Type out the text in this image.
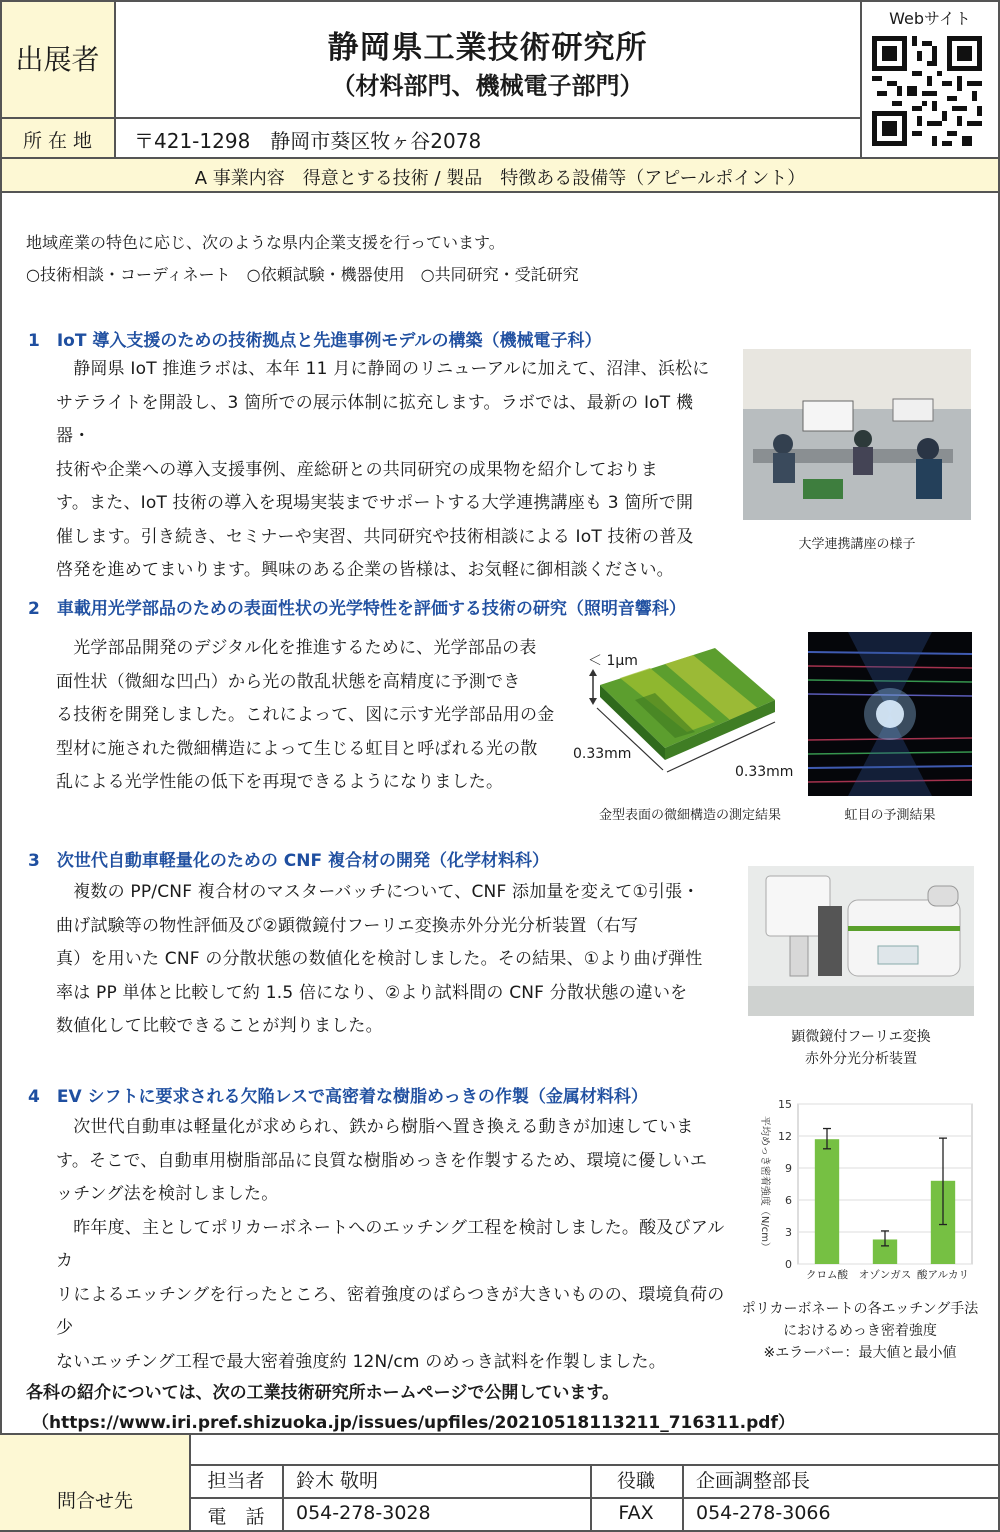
出展者	静岡県工業技術研究所
（材料部門、機械電子部門）
Webサイト
所 在 地	〒421-1298　静岡市葵区牧ヶ谷2078
A 事業内容　得意とする技術 / 製品　特徴ある設備等（アピールポイント）
地域産業の特色に応じ、次のような県内企業支援を行っています。
○技術相談・コーディネート　○依頼試験・機器使用　○共同研究・受託研究
1　IoT 導入支援のための技術拠点と先進事例モデルの構築（機械電子科）
　静岡県 IoT 推進ラボは、本年 11 月に静岡のリニューアルに加えて、沼津、浜松に
サテライトを開設し、3 箇所での展示体制に拡充します。ラボでは、最新の IoT 機器・
技術や企業への導入支援事例、産総研との共同研究の成果物を紹介しておりま
す。また、IoT 技術の導入を現場実装までサポートする大学連携講座も 3 箇所で開
催します。引き続き、セミナーや実習、共同研究や技術相談による IoT 技術の普及
啓発を進めてまいります。興味のある企業の皆様は、お気軽に御相談ください。
大学連携講座の様子
2　車載用光学部品のための表面性状の光学特性を評価する技術の研究（照明音響科）
　光学部品開発のデジタル化を推進するために、光学部品の表
面性状（微細な凹凸）から光の散乱状態を高精度に予測でき
る技術を開発しました。これによって、図に示す光学部品用の金
型材に施された微細構造によって生じる虹目と呼ばれる光の散
乱による光学性能の低下を再現できるようになりました。
＜ 1μm
0.33mm
0.33mm
金型表面の微細構造の測定結果	虹目の予測結果
3　次世代自動車軽量化のための CNF 複合材の開発（化学材料科）
　複数の PP/CNF 複合材のマスターバッチについて、CNF 添加量を変えて①引張・
曲げ試験等の物性評価及び②顕微鏡付フーリエ変換赤外分光分析装置（右写
真）を用いた CNF の分散状態の数値化を検討しました。その結果、①より曲げ弾性
率は PP 単体と比較して約 1.5 倍になり、②より試料間の CNF 分散状態の違いを
数値化して比較できることが判りました。
顕微鏡付フーリエ変換
赤外分光分析装置
4　EV シフトに要求される欠陥レスで高密着な樹脂めっきの作製（金属材料科）
　次世代自動車は軽量化が求められ、鉄から樹脂へ置き換える動きが加速していま
す。そこで、自動車用樹脂部品に良質な樹脂めっきを作製するため、環境に優しいエ
ッチング法を検討しました。
　昨年度、主としてポリカーボネートへのエッチング工程を検討しました。酸及びアルカ
リによるエッチングを行ったところ、密着強度のばらつきが大きいものの、環境負荷の少
ないエッチング工程で最大密着強度約 12N/cm のめっき試料を作製しました。
0
3
6
9
12
15
クロム酸 オゾンガス 酸アルカリ
平均めっき密着強度（N/cm）
ポリカーボネートの各エッチング手法
におけるめっき密着強度
※エラーバー：最大値と最小値
各科の紹介については、次の工業技術研究所ホームページで公開しています。
（https://www.iri.pref.shizuoka.jp/issues/upfiles/20210518113211_716311.pdf）
問合せ先
担当者	鈴木 敬明	役職	企画調整部長
電　話	054-278-3028	FAX	054-278-3066
